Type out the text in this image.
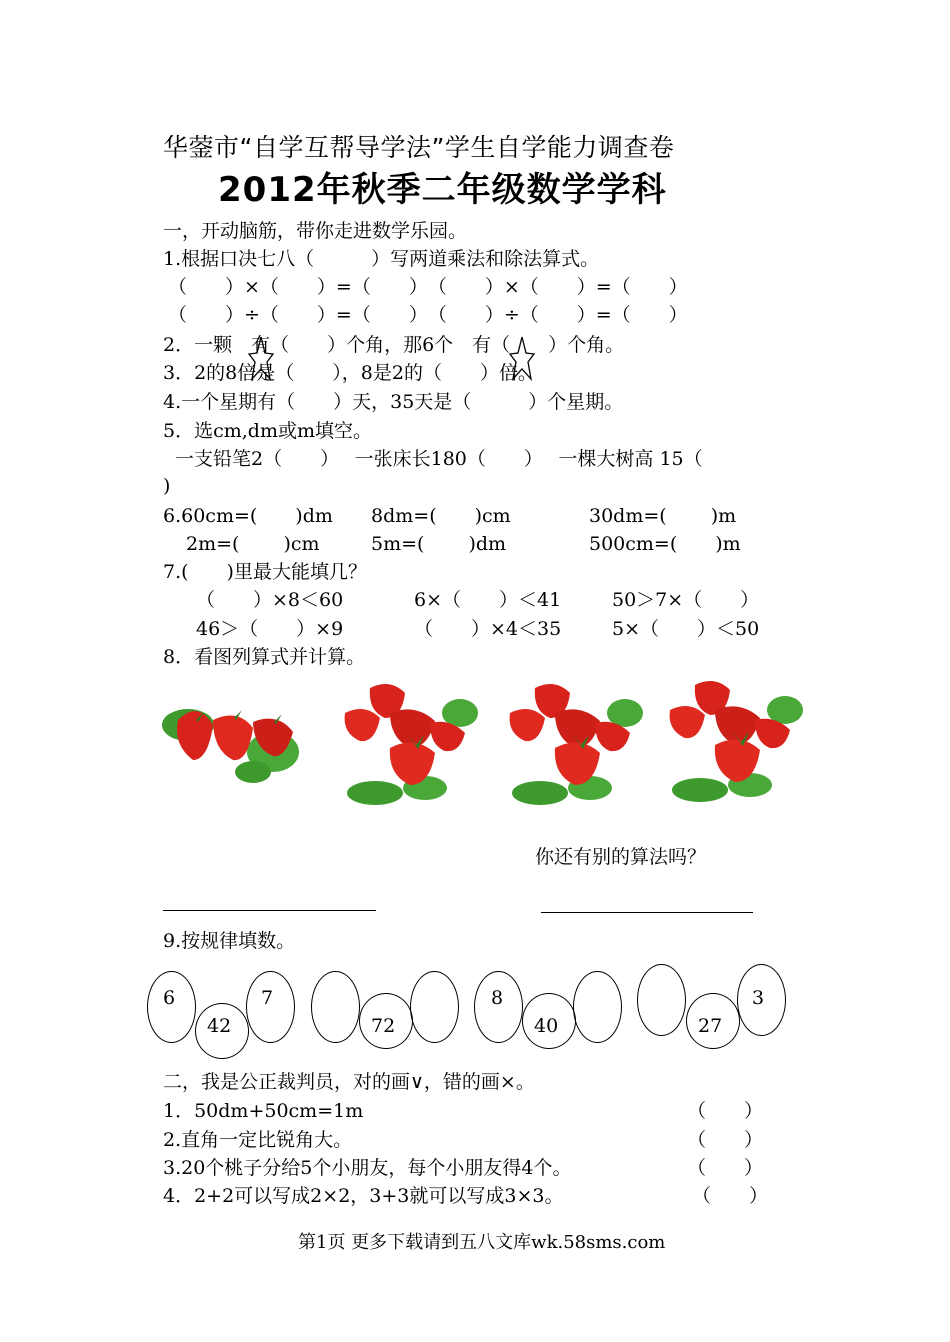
华蓥市“自学互帮导学法”学生自学能力调查卷
2012年秋季二年级数学学科
一，开动脑筋，带你走进数学乐园。
1.根据口决七八（　　　）写两道乘法和除法算式。
（　　）×（　　）=（　　）　（　　）×（　　）=（　　）
（　　）÷（　　）=（　　）　（　　）÷（　　）=（　　）
2．一颗　有（　　）个角，那6个　有（　　）个角。
3．2的8倍是（　　），8是2的（　　）倍。
4.一个星期有（　　）天，35天是（　　　）个星期。
5．选cm,dm或m填空。
一支铅笔2（　　）　 一张床长180（　　）　 一棵大树高 15（
)
6.60cm=(　　)dm 8dm=(　　)cm	30dm=(　　 )m
2m=(　　 )cm	5m=(　　 )dm	500cm=(　　)m
7.(　　)里最大能填几？
（　　）×8＜60	6×（　　）＜41	50＞7×（　　）
46＞（　　）×9	（　　）×4＜35	5×（　　）＜50
8．看图列算式并计算。
你还有别的算法吗？
9.按规律填数。
6
42
7
72
8
40	27
3
二，我是公正裁判员，对的画∨，错的画×。
1．50dm+50cm=1m	（　　）
2.直角一定比锐角大。	（　　）
3.20个桃子分给5个小朋友，每个小朋友得4个。	（　　）
4．2+2可以写成2×2，3+3就可以写成3×3。	（　　）
第1页 更多下载请到五八文库wk.58sms.com
